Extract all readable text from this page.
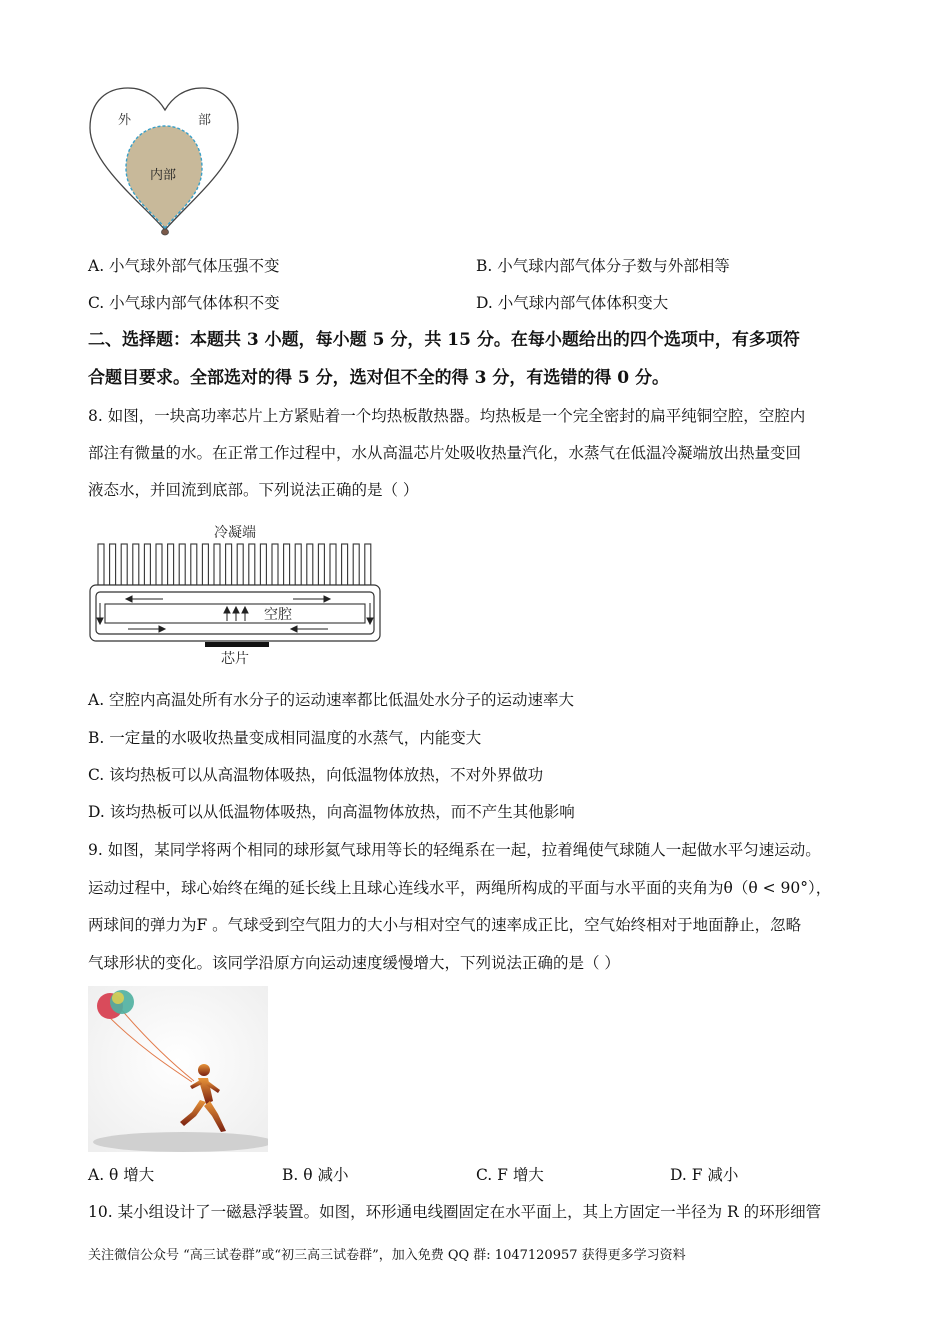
外	部
内部
A. 小气球外部气体压强不变	B. 小气球内部气体分子数与外部相等
C. 小气球内部气体体积不变	D. 小气球内部气体体积变大
二、选择题：本题共 3 小题，每小题 5 分，共 15 分。在每小题给出的四个选项中，有多项符
合题目要求。全部选对的得 5 分，选对但不全的得 3 分，有选错的得 0 分。
8. 如图，一块高功率芯片上方紧贴着一个均热板散热器。均热板是一个完全密封的扁平纯铜空腔，空腔内
部注有微量的水。在正常工作过程中，水从高温芯片处吸收热量汽化，水蒸气在低温冷凝端放出热量变回
液态水，并回流到底部。下列说法正确的是（ ）
冷凝端
空腔
芯片
A. 空腔内高温处所有水分子的运动速率都比低温处水分子的运动速率大
B. 一定量的水吸收热量变成相同温度的水蒸气，内能变大
C. 该均热板可以从高温物体吸热，向低温物体放热，不对外界做功
D. 该均热板可以从低温物体吸热，向高温物体放热，而不产生其他影响
9. 如图，某同学将两个相同的球形氦气球用等长的轻绳系在一起，拉着绳使气球随人一起做水平匀速运动。
运动过程中，球心始终在绳的延长线上且球心连线水平，两绳所构成的平面与水平面的夹角为θ（θ < 90°），
两球间的弹力为F 。气球受到空气阻力的大小与相对空气的速率成正比，空气始终相对于地面静止，忽略
气球形状的变化。该同学沿原方向运动速度缓慢增大，下列说法正确的是（ ）
A. θ 增大	B. θ 减小	C. F 增大	D. F 减小
10. 某小组设计了一磁悬浮装置。如图，环形通电线圈固定在水平面上，其上方固定一半径为 R 的环形细管
关注微信公众号 “高三试卷群”或“初三高三试卷群”，加入免费 QQ 群: 1047120957 获得更多学习资料
